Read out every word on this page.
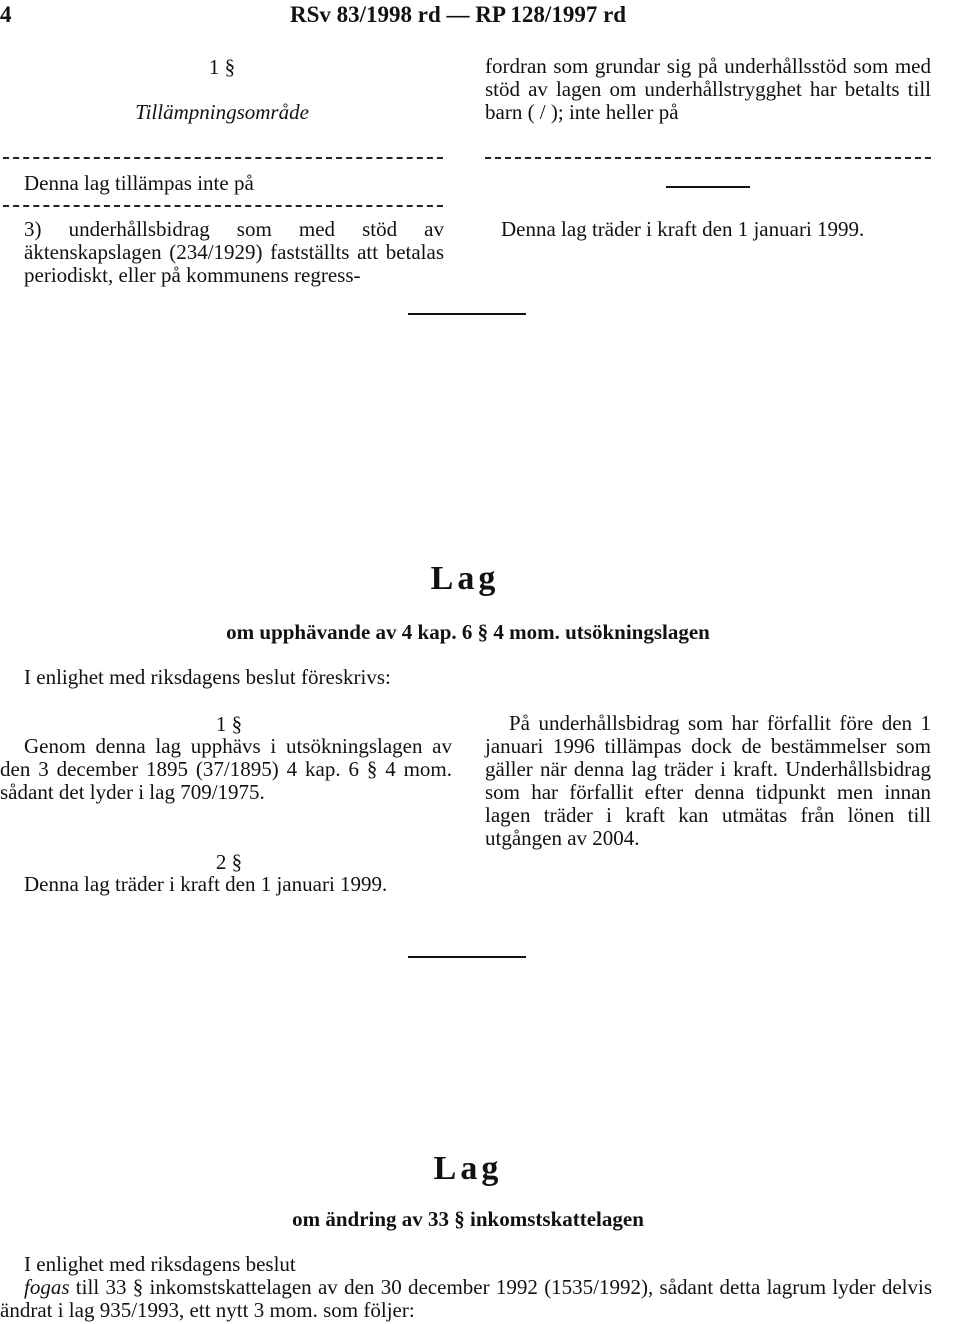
4	RSv 83/1998 rd — RP 128/1997 rd
1 §
Tillämpningsområde
Denna lag tillämpas inte på
3) underhållsbidrag som med stöd av äktenskapslagen (234/1929) fastställts att betalas periodiskt, eller på kommunens regress-
fordran som grundar sig på underhållsstöd som med stöd av lagen om underhållstrygghet har betalts till barn ( / ); inte heller på
Denna lag träder i kraft den 1 januari 1999.
Lag
om upphävande av 4 kap. 6 § 4 mom. utsökningslagen
I enlighet med riksdagens beslut föreskrivs:
1 §
Genom denna lag upphävs i utsökningslagen av den 3 december 1895 (37/1895) 4 kap. 6 § 4 mom. sådant det lyder i lag 709/1975.
2 §
Denna lag träder i kraft den 1 januari 1999.
På underhållsbidrag som har förfallit före den 1 januari 1996 tillämpas dock de bestämmelser som gäller när denna lag träder i kraft. Underhållsbidrag som har förfallit efter denna tidpunkt men innan lagen träder i kraft kan utmätas från lönen till utgången av 2004.
Lag
om ändring av 33 § inkomstskattelagen
I enlighet med riksdagens beslut
fogas till 33 § inkomstskattelagen av den 30 december 1992 (1535/1992), sådant detta lagrum lyder delvis ändrat i lag 935/1993, ett nytt 3 mom. som följer:
